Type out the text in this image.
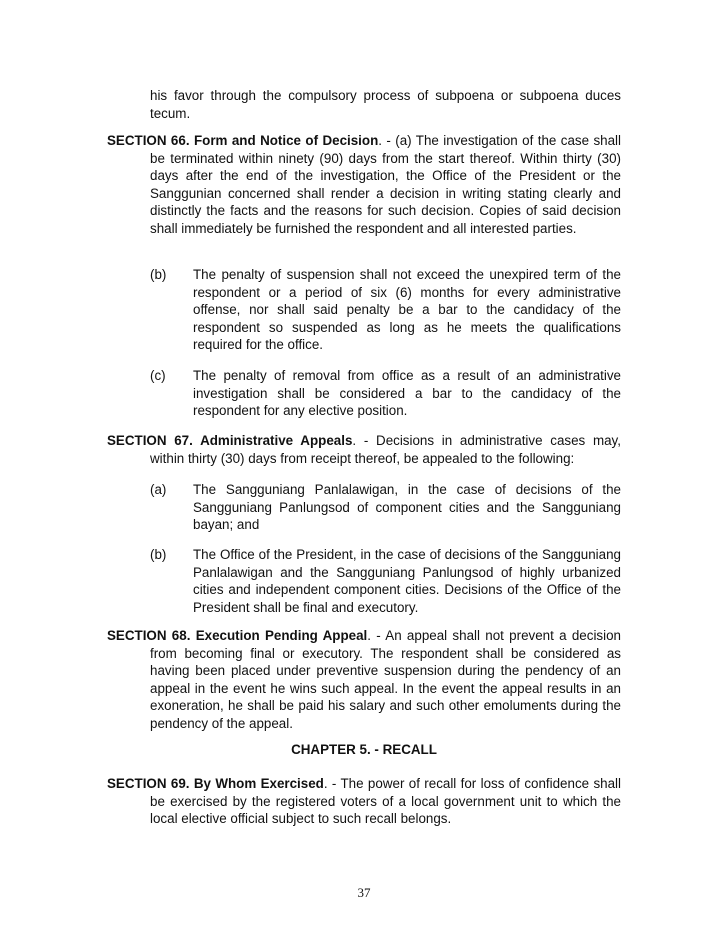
his favor through the compulsory process of subpoena or subpoena duces tecum.

SECTION 66. Form and Notice of Decision. - (a) The investigation of the case shall be terminated within ninety (90) days from the start thereof. Within thirty (30) days after the end of the investigation, the Office of the President or the Sanggunian concerned shall render a decision in writing stating clearly and distinctly the facts and the reasons for such decision. Copies of said decision shall immediately be furnished the respondent and all interested parties.

(b)	The penalty of suspension shall not exceed the unexpired term of the respondent or a period of six (6) months for every administrative offense, nor shall said penalty be a bar to the candidacy of the respondent so suspended as long as he meets the qualifications required for the office.
(c)	The penalty of removal from office as a result of an administrative investigation shall be considered a bar to the candidacy of the respondent for any elective position.

SECTION 67. Administrative Appeals. - Decisions in administrative cases may, within thirty (30) days from receipt thereof, be appealed to the following:

(a)	The Sangguniang Panlalawigan, in the case of decisions of the Sangguniang Panlungsod of component cities and the Sangguniang bayan; and
(b)	The Office of the President, in the case of decisions of the Sangguniang Panlalawigan and the Sangguniang Panlungsod of highly urbanized cities and independent component cities. Decisions of the Office of the President shall be final and executory.

SECTION 68. Execution Pending Appeal. - An appeal shall not prevent a decision from becoming final or executory. The respondent shall be considered as having been placed under preventive suspension during the pendency of an appeal in the event he wins such appeal. In the event the appeal results in an exoneration, he shall be paid his salary and such other emoluments during the pendency of the appeal.

CHAPTER 5. - RECALL

SECTION 69. By Whom Exercised. - The power of recall for loss of confidence shall be exercised by the registered voters of a local government unit to which the local elective official subject to such recall belongs.

37
